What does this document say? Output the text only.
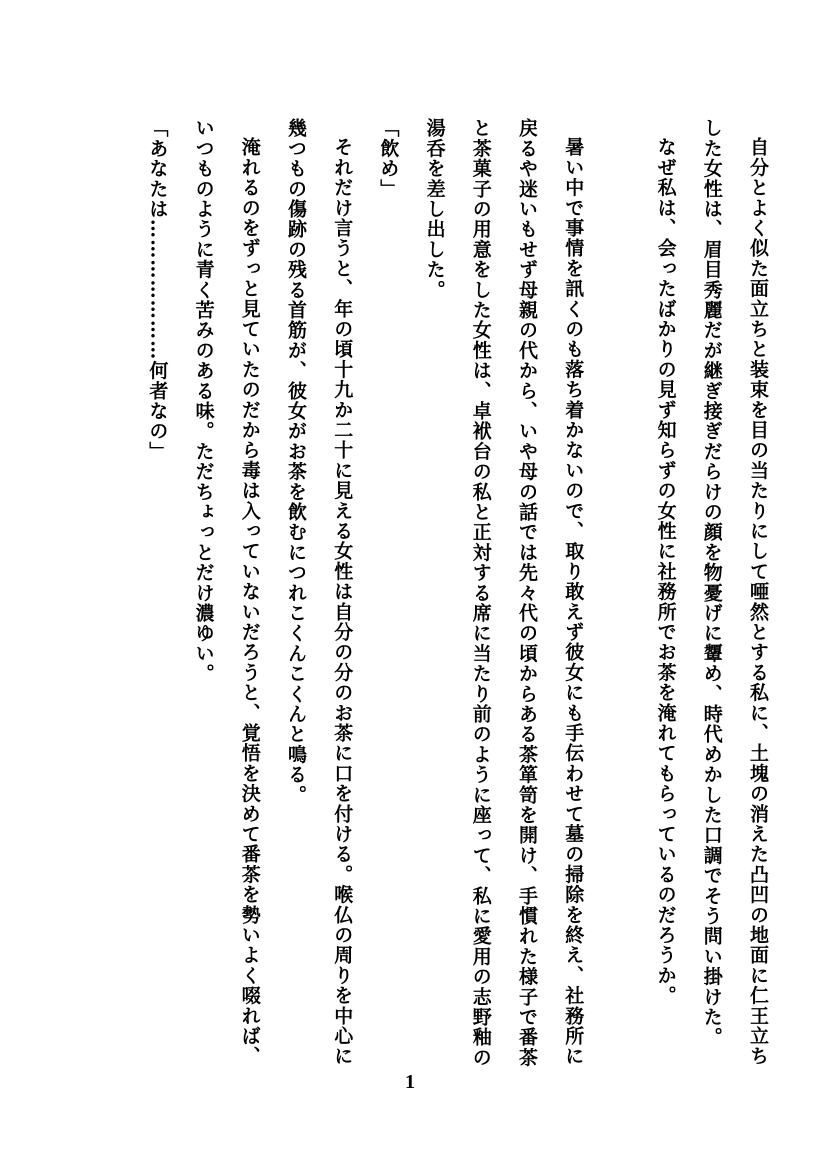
自分とよく似た面立ちと装束を目の当たりにして唖然とする私に、土塊の消えた凸凹の地面に仁王立ちした女性は、眉目秀麗だが継ぎ接ぎだらけの顔を物憂げに顰め、時代めかした口調でそう問い掛けた。

なぜ私は、会ったばかりの見ず知らずの女性に社務所でお茶を淹れてもらっているのだろうか。

暑い中で事情を訊くのも落ち着かないので、取り敢えず彼女にも手伝わせて墓の掃除を終え、社務所に戻るや迷いもせず母親の代から、いや母の話では先々代の頃からある茶箪笥を開け、手慣れた様子で番茶と茶菓子の用意をした女性は、卓袱台の私と正対する席に当たり前のように座って、私に愛用の志野釉の湯呑を差し出した。

「飲め」

それだけ言うと、年の頃十九か二十に見える女性は自分の分のお茶に口を付ける。喉仏の周りを中心に幾つもの傷跡の残る首筋が、彼女がお茶を飲むにつれこくんこくんと鳴る。

淹れるのをずっと見ていたのだから毒は入っていないだろうと、覚悟を決めて番茶を勢いよく啜れば、いつものように青く苦みのある味。ただちょっとだけ濃ゆい。

「あなたは…………………何者なの」

1
